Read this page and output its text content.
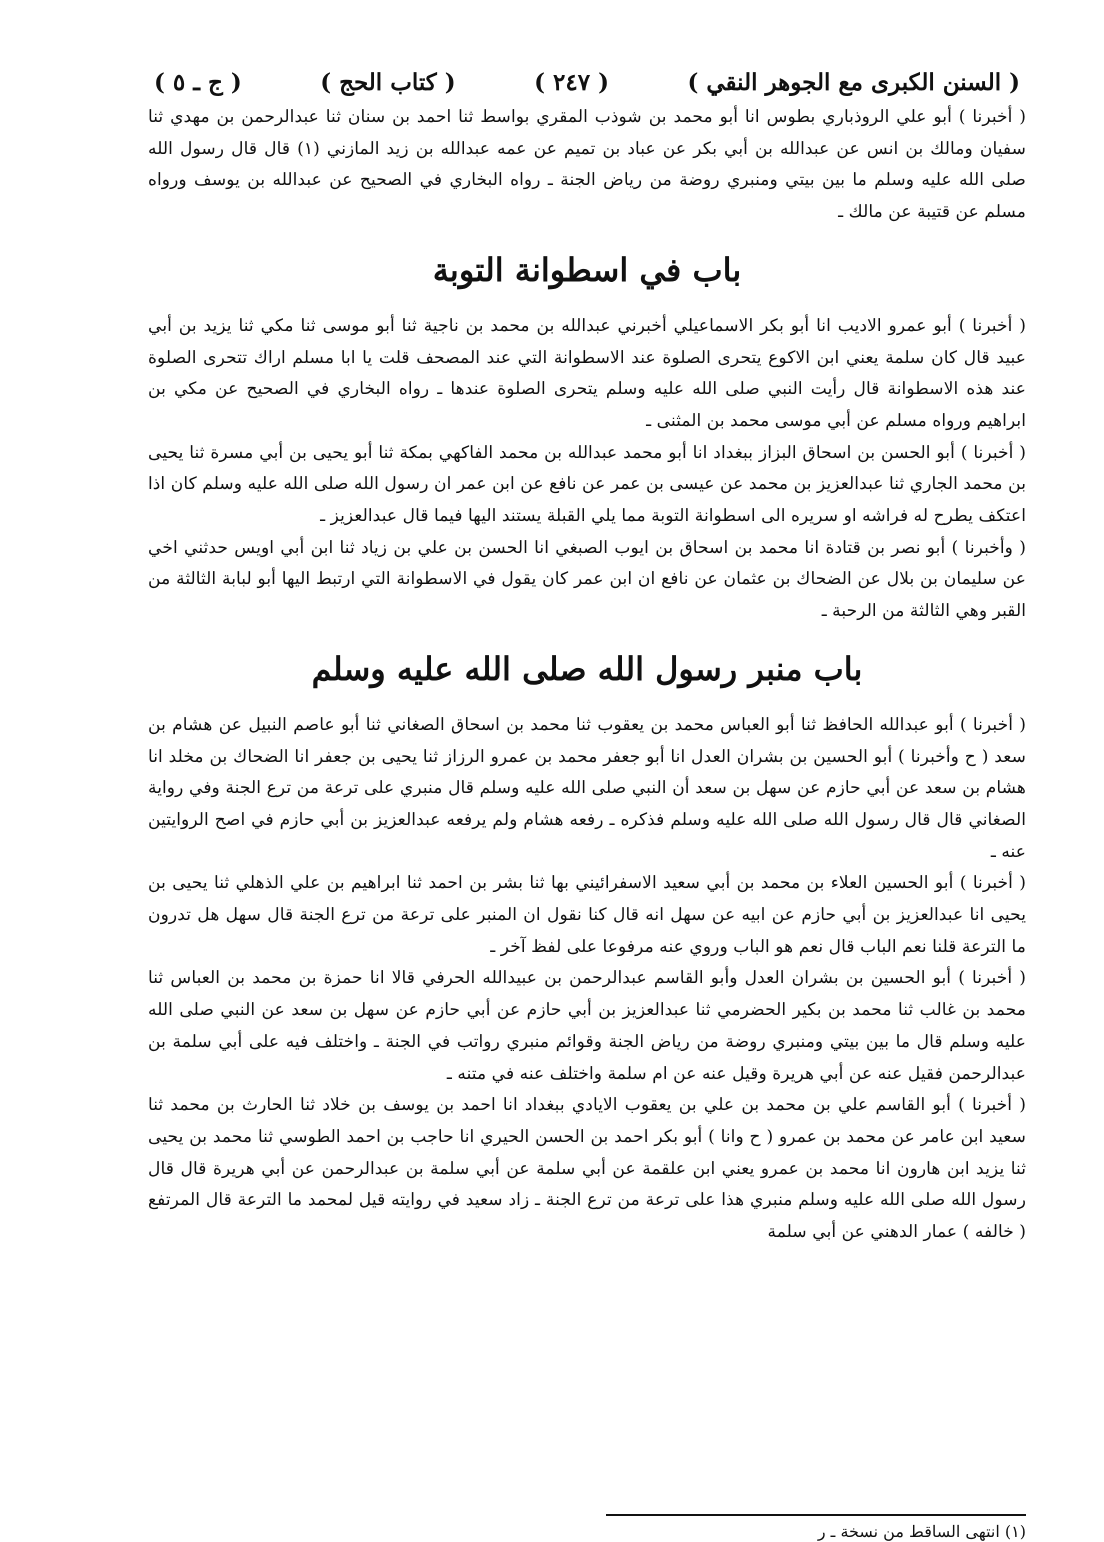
( السنن الكبرى مع الجوهر النقي )
( ٢٤٧ )
( كتاب الحج )
( ج ـ ٥ )

( أخبرنا ) أبو علي الروذباري بطوس انا أبو محمد بن شوذب المقري بواسط ثنا احمد بن سنان ثنا عبدالرحمن بن مهدي ثنا سفيان ومالك بن انس عن عبدالله بن أبي بكر عن عباد بن تميم عن عمه عبدالله بن زيد المازني (١) قال قال رسول الله صلى الله عليه وسلم ما بين بيتي ومنبري روضة من رياض الجنة ـ رواه البخاري في الصحيح عن عبدالله بن يوسف ورواه مسلم عن قتيبة عن مالك ـ

باب في اسطوانة التوبة

( أخبرنا ) أبو عمرو الاديب انا أبو بكر الاسماعيلي أخبرني عبدالله بن محمد بن ناجية ثنا أبو موسى ثنا مكي ثنا يزيد بن أبي عبيد قال كان سلمة يعني ابن الاكوع يتحرى الصلوة عند الاسطوانة التي عند المصحف قلت يا ابا مسلم اراك تتحرى الصلوة عند هذه الاسطوانة قال رأيت النبي صلى الله عليه وسلم يتحرى الصلوة عندها ـ رواه البخاري في الصحيح عن مكي بن ابراهيم ورواه مسلم عن أبي موسى محمد بن المثنى ـ

( أخبرنا ) أبو الحسن بن اسحاق البزاز ببغداد انا أبو محمد عبدالله بن محمد الفاكهي بمكة ثنا أبو يحيى بن أبي مسرة ثنا يحيى بن محمد الجاري ثنا عبدالعزيز بن محمد عن عيسى بن عمر عن نافع عن ابن عمر ان رسول الله صلى الله عليه وسلم كان اذا اعتكف يطرح له فراشه او سريره الى اسطوانة التوبة مما يلي القبلة يستند اليها فيما قال عبدالعزيز ـ

( وأخبرنا ) أبو نصر بن قتادة انا محمد بن اسحاق بن ايوب الصبغي انا الحسن بن علي بن زياد ثنا ابن أبي اويس حدثني اخي عن سليمان بن بلال عن الضحاك بن عثمان عن نافع ان ابن عمر كان يقول في الاسطوانة التي ارتبط اليها أبو لبابة الثالثة من القبر وهي الثالثة من الرحبة ـ

باب منبر رسول الله صلى الله عليه وسلم

( أخبرنا ) أبو عبدالله الحافظ ثنا أبو العباس محمد بن يعقوب ثنا محمد بن اسحاق الصغاني ثنا أبو عاصم النبيل عن هشام بن سعد ( ح وأخبرنا ) أبو الحسين بن بشران العدل انا أبو جعفر محمد بن عمرو الرزاز ثنا يحيى بن جعفر انا الضحاك بن مخلد انا هشام بن سعد عن أبي حازم عن سهل بن سعد أن النبي صلى الله عليه وسلم قال منبري على ترعة من ترع الجنة وفي رواية الصغاني قال قال رسول الله صلى الله عليه وسلم فذكره ـ رفعه هشام ولم يرفعه عبدالعزيز بن أبي حازم في اصح الروايتين عنه ـ

( أخبرنا ) أبو الحسين العلاء بن محمد بن أبي سعيد الاسفرائيني بها ثنا بشر بن احمد ثنا ابراهيم بن علي الذهلي ثنا يحيى بن يحيى انا عبدالعزيز بن أبي حازم عن ابيه عن سهل انه قال كنا نقول ان المنبر على ترعة من ترع الجنة قال سهل هل تدرون ما الترعة قلنا نعم الباب قال نعم هو الباب وروي عنه مرفوعا على لفظ آخر ـ

( أخبرنا ) أبو الحسين بن بشران العدل وأبو القاسم عبدالرحمن بن عبيدالله الحرفي قالا انا حمزة بن محمد بن العباس ثنا محمد بن غالب ثنا محمد بن بكير الحضرمي ثنا عبدالعزيز بن أبي حازم عن أبي حازم عن سهل بن سعد عن النبي صلى الله عليه وسلم قال ما بين بيتي ومنبري روضة من رياض الجنة وقوائم منبري رواتب في الجنة ـ واختلف فيه على أبي سلمة بن عبدالرحمن فقيل عنه عن أبي هريرة وقيل عنه عن ام سلمة واختلف عنه في متنه ـ

( أخبرنا ) أبو القاسم علي بن محمد بن علي بن يعقوب الايادي ببغداد انا احمد بن يوسف بن خلاد ثنا الحارث بن محمد ثنا سعيد ابن عامر عن محمد بن عمرو ( ح وانا ) أبو بكر احمد بن الحسن الحيري انا حاجب بن احمد الطوسي ثنا محمد بن يحيى ثنا يزيد ابن هارون انا محمد بن عمرو يعني ابن علقمة عن أبي سلمة عن أبي سلمة بن عبدالرحمن عن أبي هريرة قال قال رسول الله صلى الله عليه وسلم منبري هذا على ترعة من ترع الجنة ـ زاد سعيد في روايته قيل لمحمد ما الترعة قال المرتفع ( خالفه ) عمار الدهني عن أبي سلمة

(١) انتهى الساقط من نسخة ـ ر
